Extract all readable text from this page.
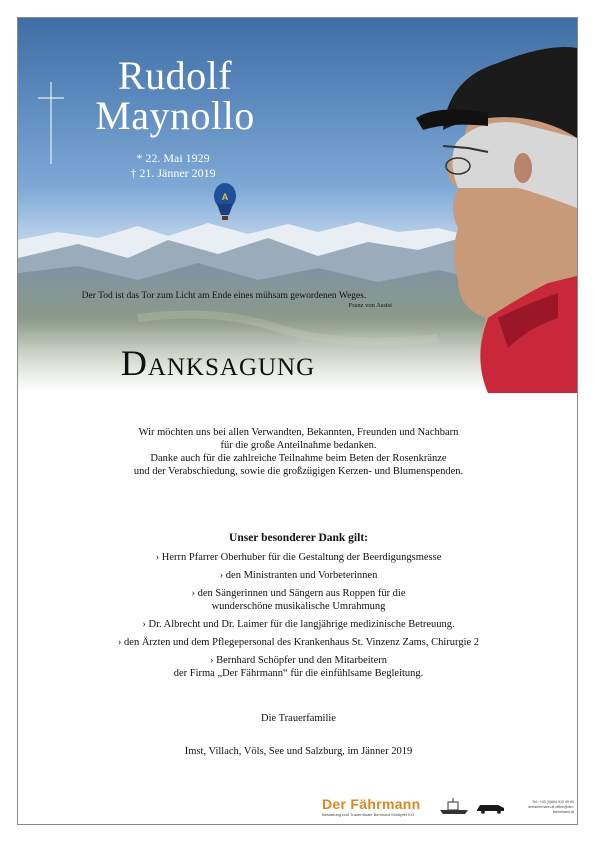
A
Rudolf
Maynollo
* 22. Mai 1929
† 21. Jänner 2019
Der Tod ist das Tor zum Licht am Ende eines mühsam gewordenen Weges.
Franz von Assisi
Danksagung
Wir möchten uns bei allen Verwandten, Bekannten, Freunden und Nachbarn
für die große Anteilnahme bedanken.
Danke auch für die zahlreiche Teilnahme beim Beten der Rosenkränze
und der Verabschiedung, sowie die großzügigen Kerzen- und Blumenspenden.
Unser besonderer Dank gilt:
› Herrn Pfarrer Oberhuber für die Gestaltung der Beerdigungsmesse
› den Ministranten und Vorbeterinnen
› den Sängerinnen und Sängern aus Roppen für die
wunderschöne musikalische Umrahmung
› Dr. Albrecht und Dr. Laimer für die langjährige medizinische Betreuung.
› den Ärzten und dem Pflegepersonal des Krankenhaus St. Vinzenz Zams, Chirurgie 2
› Bernhard Schöpfer und den Mitarbeitern
der Firma „Der Fährmann“ für die einfühlsame Begleitung.
Die Trauerfamilie
Imst, Villach, Völs, See und Salzburg, im Jänner 2019
Der Fährmann
Bestattung und Trauerrituale Bernhard Schöpfer KG
Tel.: +43 (0)664 915 99 60
derfaehrmann.at office@der-faehrmann.at
